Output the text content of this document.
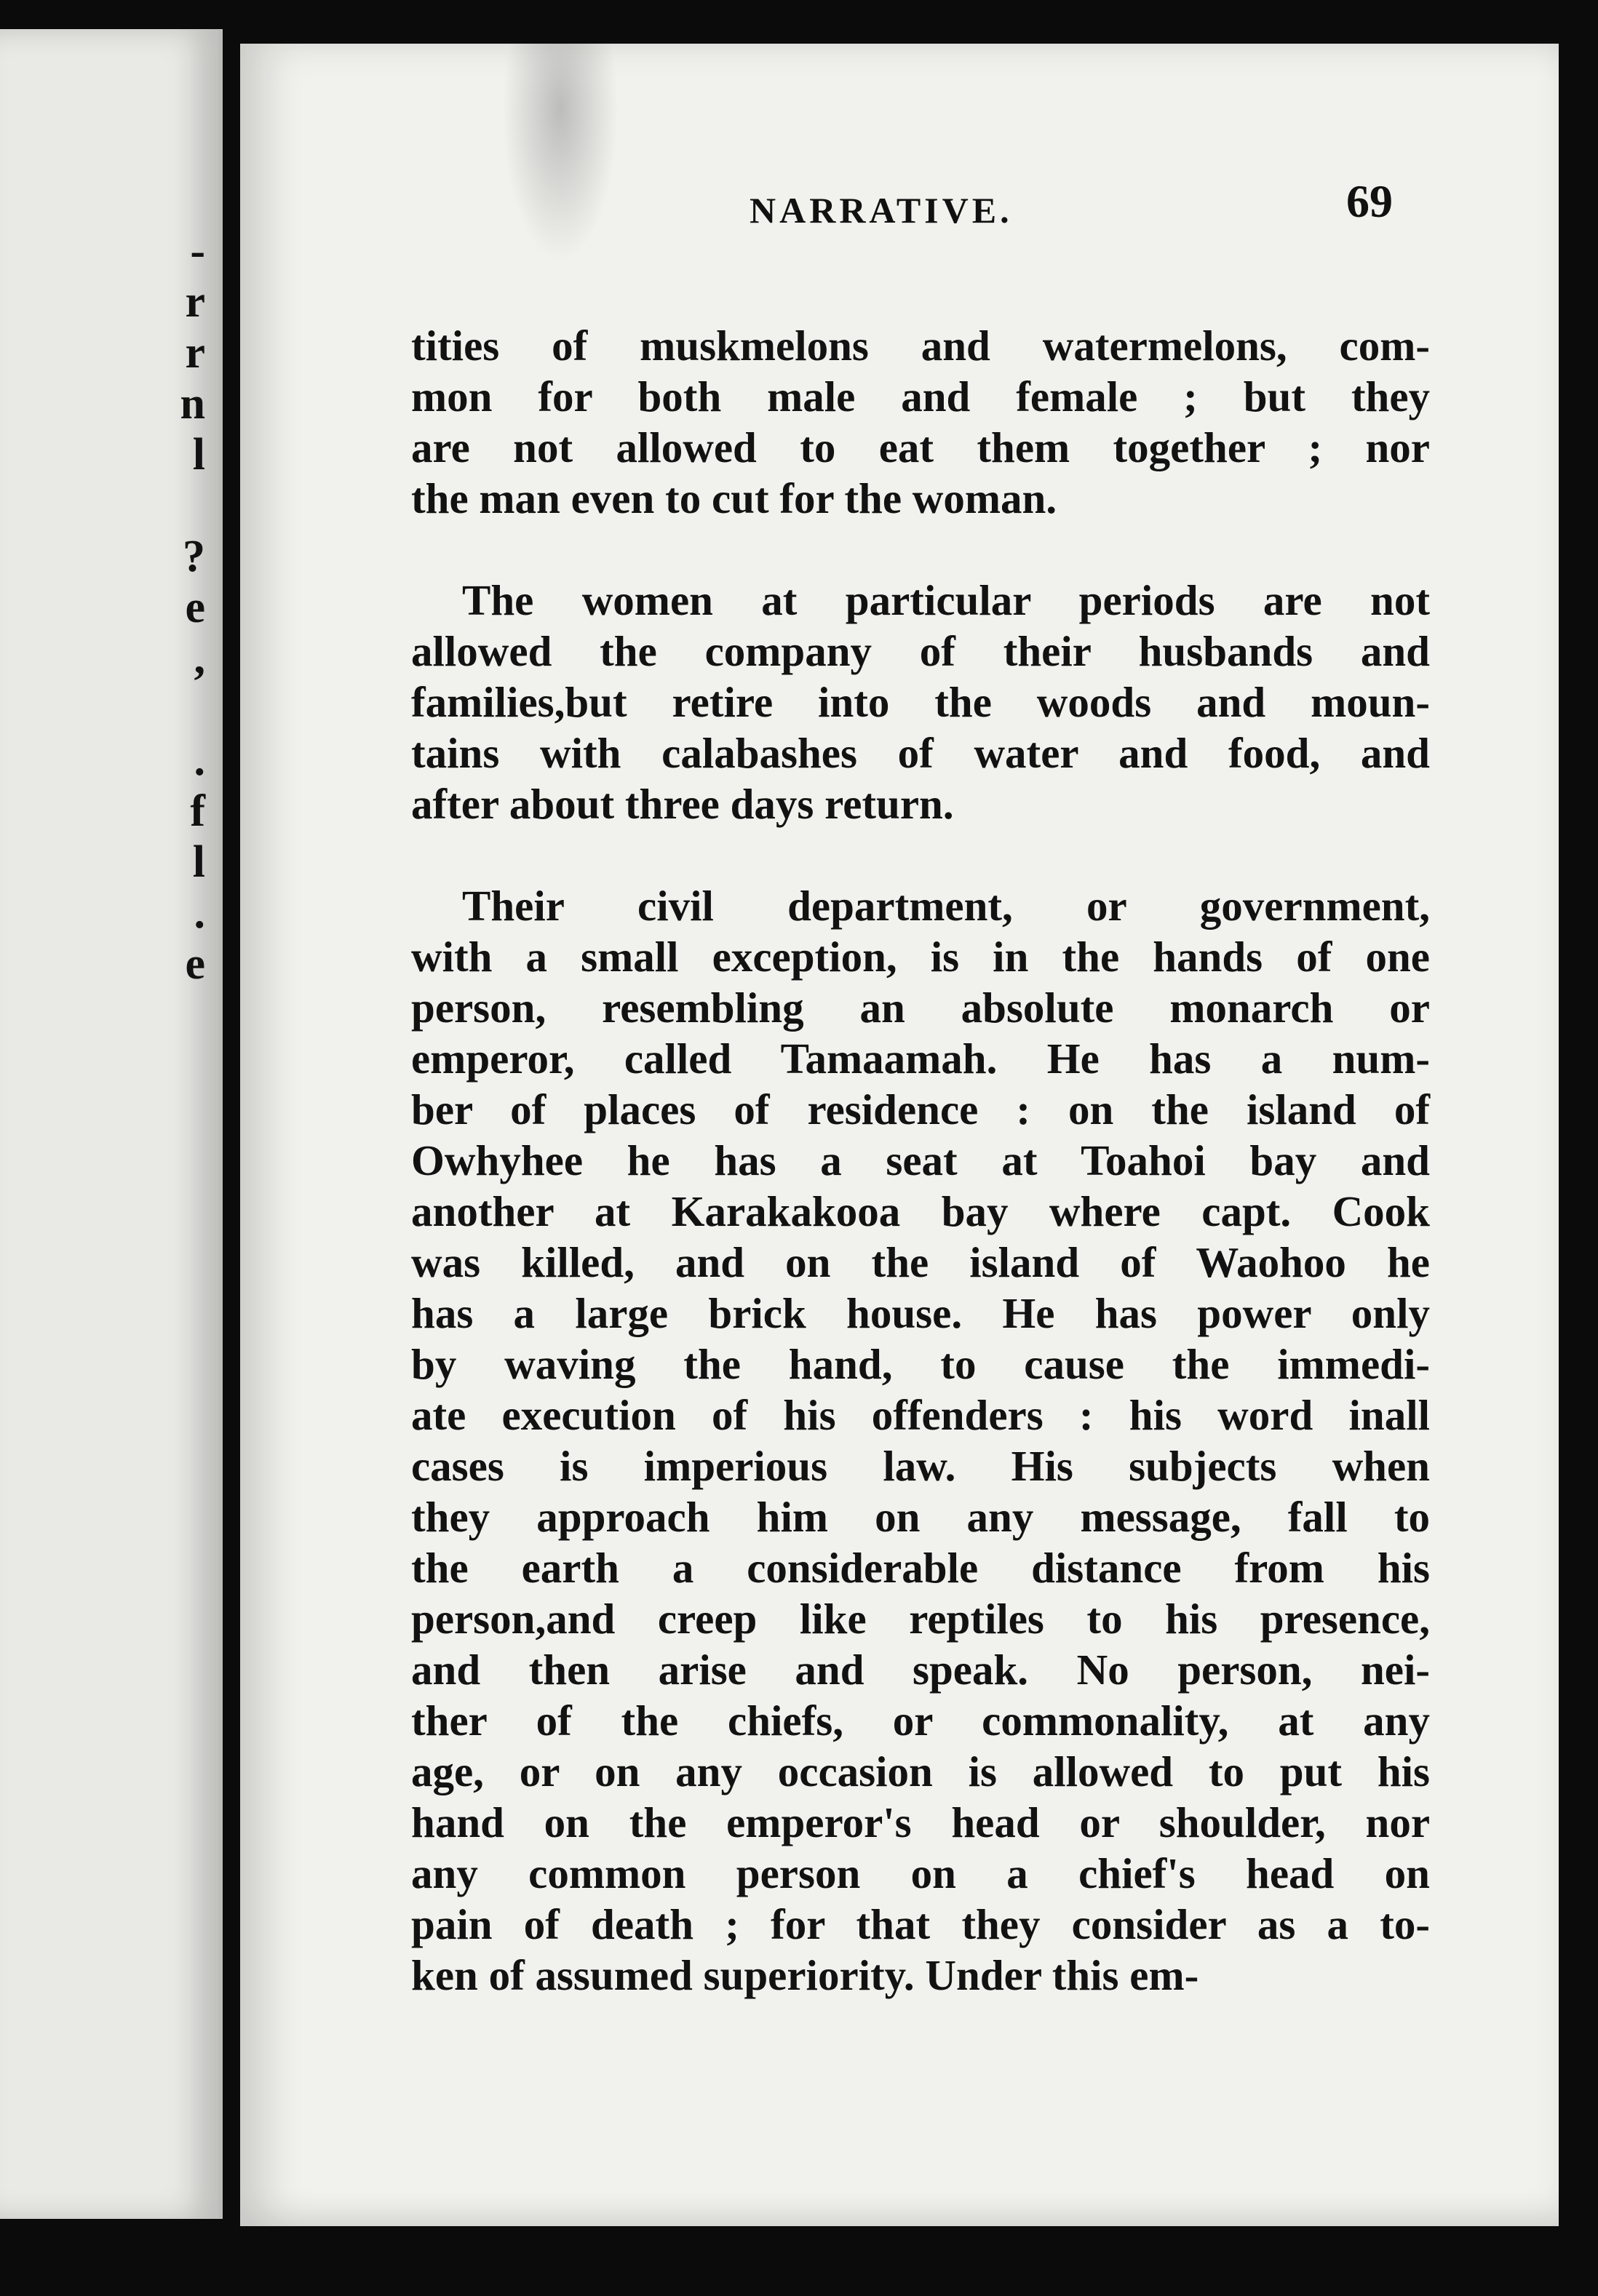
-
r
r
n
l

?
e
,

.
f
l
.
e
NARRATIVE.	69
tities of muskmelons and watermelons, com-
mon for both male and female ; but they
are not allowed to eat them together ; nor
the man even to cut for the woman.
The women at particular periods are not
allowed the company of their husbands and
families,but retire into the woods and moun-
tains with calabashes of water and food, and
after about three days return.
Their civil department, or government,
with a small exception, is in the hands of one
person, resembling an absolute monarch or
emperor, called Tamaamah. He has a num-
ber of places of residence : on the island of
Owhyhee he has a seat at Toahoi bay and
another at Karakakooa bay where capt. Cook
was killed, and on the island of Waohoo he
has a large brick house. He has power only
by waving the hand, to cause the immedi-
ate execution of his offenders : his word inall
cases is imperious law. His subjects when
they approach him on any message, fall to
the earth a considerable distance from his
person,and creep like reptiles to his presence,
and then arise and speak. No person, nei-
ther of the chiefs, or commonality, at any
age, or on any occasion is allowed to put his
hand on the emperor's head or shoulder, nor
any common person on a chief's head on
pain of death ; for that they consider as a to-
ken of assumed superiority. Under this em-
